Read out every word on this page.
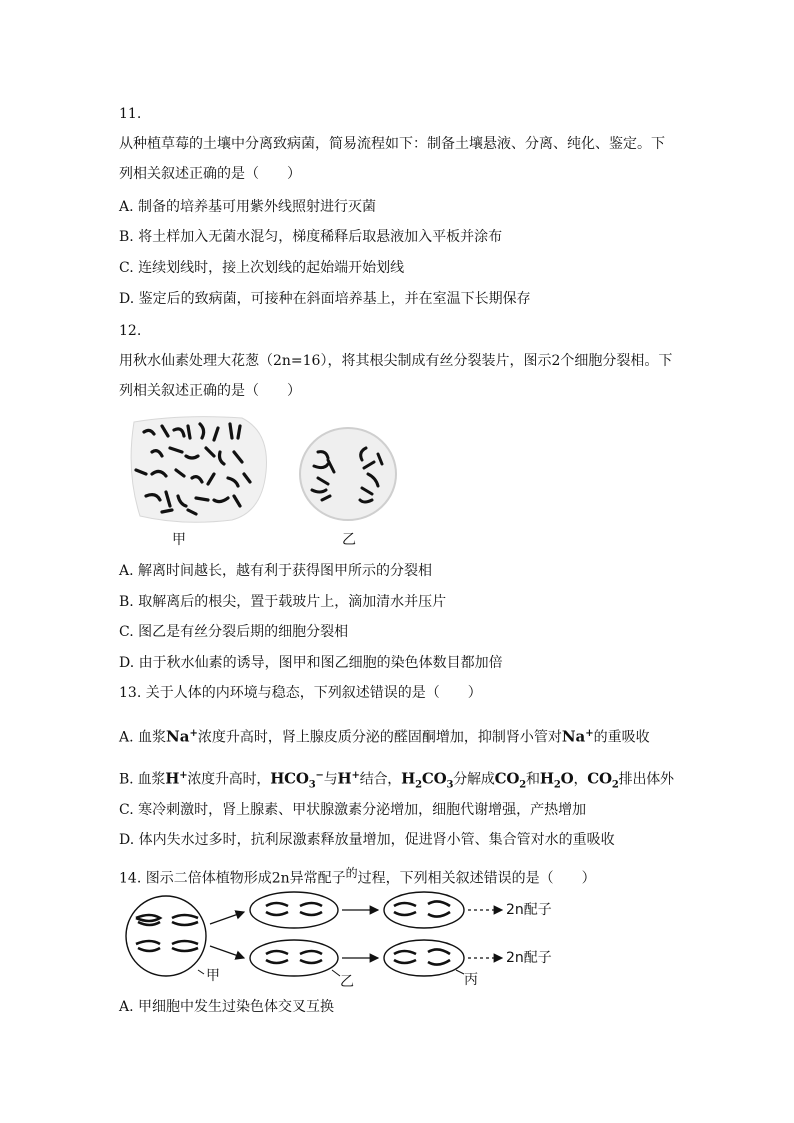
11.
从种植草莓的土壤中分离致病菌，简易流程如下：制备土壤悬液、分离、纯化、鉴定。下
列相关叙述正确的是（　　）
A. 制备的培养基可用紫外线照射进行灭菌
B. 将土样加入无菌水混匀，梯度稀释后取悬液加入平板并涂布
C. 连续划线时，接上次划线的起始端开始划线
D. 鉴定后的致病菌，可接种在斜面培养基上，并在室温下长期保存
12.
用秋水仙素处理大花葱（2n=16），将其根尖制成有丝分裂装片，图示2个细胞分裂相。下
列相关叙述正确的是（　　）
甲	乙
A. 解离时间越长，越有利于获得图甲所示的分裂相
B. 取解离后的根尖，置于载玻片上，滴加清水并压片
C. 图乙是有丝分裂后期的细胞分裂相
D. 由于秋水仙素的诱导，图甲和图乙细胞的染色体数目都加倍
13. 关于人体的内环境与稳态，下列叙述错误的是（　　）
A. 血浆Na+浓度升高时，肾上腺皮质分泌的醛固酮增加，抑制肾小管对Na+的重吸收
B. 血浆H+浓度升高时，$HCO_3^-$与H+结合，$H_2CO_3$分解成$CO_2$和$H_2O$，$CO_2$排出体外
C. 寒冷刺激时，肾上腺素、甲状腺激素分泌增加，细胞代谢增强，产热增加
D. 体内失水过多时，抗利尿激素释放量增加，促进肾小管、集合管对水的重吸收
14. 图示二倍体植物形成2n异常配子的过程，下列相关叙述错误的是（　　）
甲	乙	丙
2n配子
2n配子
A. 甲细胞中发生过染色体交叉互换
